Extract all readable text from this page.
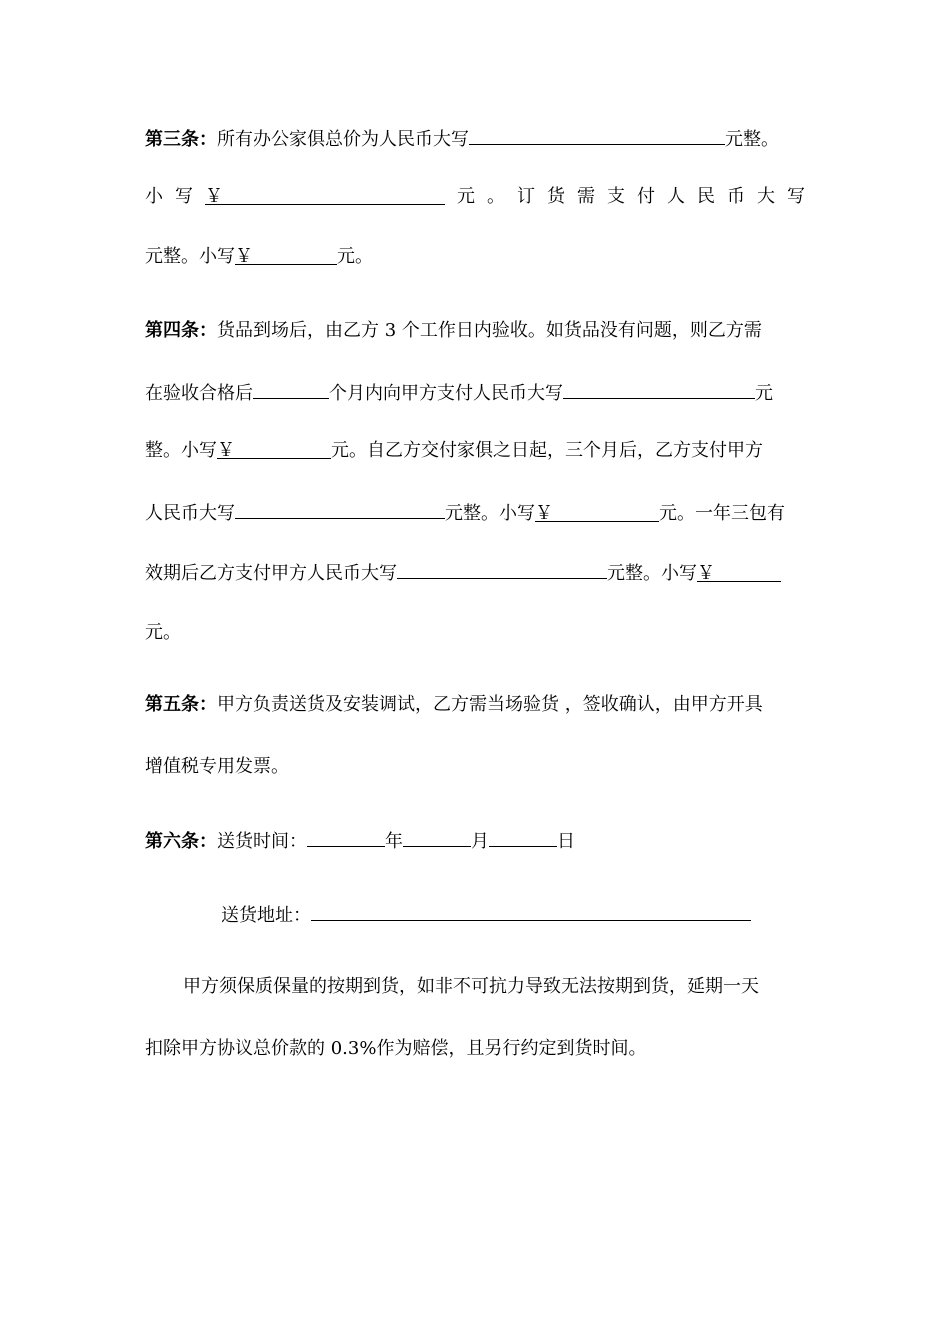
第三条：所有办公家俱总价为人民币大写	元整。
小 写 ￥	元 。 订 货 需 支 付 人 民 币 大 写
元整。小写￥	元。
第四条：货品到场后，由乙方 3 个工作日内验收。如货品没有问题，则乙方需
在验收合格后	个月内向甲方支付人民币大写	元
整。小写￥	元。自乙方交付家俱之日起，三个月后，乙方支付甲方
人民币大写	元整。小写￥	元。一年三包有
效期后乙方支付甲方人民币大写	元整。小写￥
元。
第五条：甲方负责送货及安装调试，乙方需当场验货 ，签收确认，由甲方开具
增值税专用发票。
第六条：送货时间：	年	月	日
送货地址：
甲方须保质保量的按期到货，如非不可抗力导致无法按期到货，延期一天
扣除甲方协议总价款的 0.3%作为赔偿，且另行约定到货时间。
